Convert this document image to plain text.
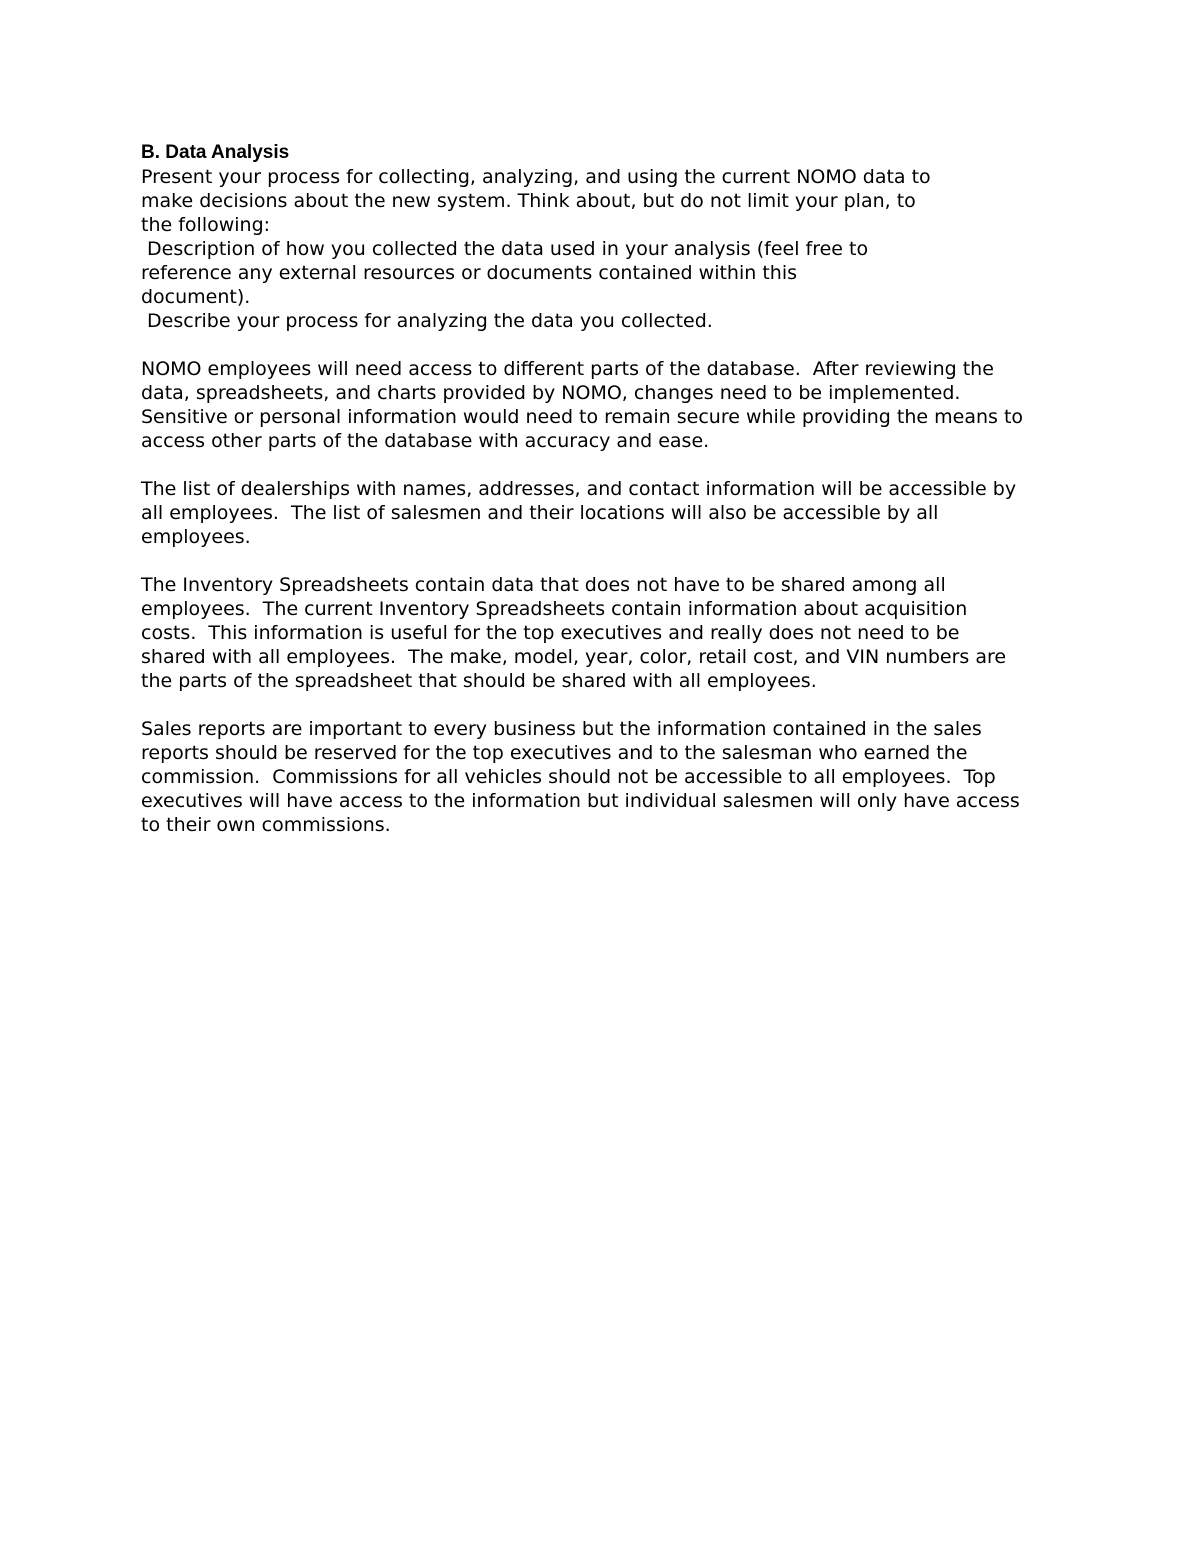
B. Data Analysis
Present your process for collecting, analyzing, and using the current NOMO data to
make decisions about the new system. Think about, but do not limit your plan, to
the following:
Description of how you collected the data used in your analysis (feel free to
reference any external resources or documents contained within this
document).
Describe your process for analyzing the data you collected.
NOMO employees will need access to different parts of the database.  After reviewing the
data, spreadsheets, and charts provided by NOMO, changes need to be implemented.
Sensitive or personal information would need to remain secure while providing the means to
access other parts of the database with accuracy and ease.
The list of dealerships with names, addresses, and contact information will be accessible by
all employees.  The list of salesmen and their locations will also be accessible by all
employees.
The Inventory Spreadsheets contain data that does not have to be shared among all
employees.  The current Inventory Spreadsheets contain information about acquisition
costs.  This information is useful for the top executives and really does not need to be
shared with all employees.  The make, model, year, color, retail cost, and VIN numbers are
the parts of the spreadsheet that should be shared with all employees.
Sales reports are important to every business but the information contained in the sales
reports should be reserved for the top executives and to the salesman who earned the
commission.  Commissions for all vehicles should not be accessible to all employees.  Top
executives will have access to the information but individual salesmen will only have access
to their own commissions.
